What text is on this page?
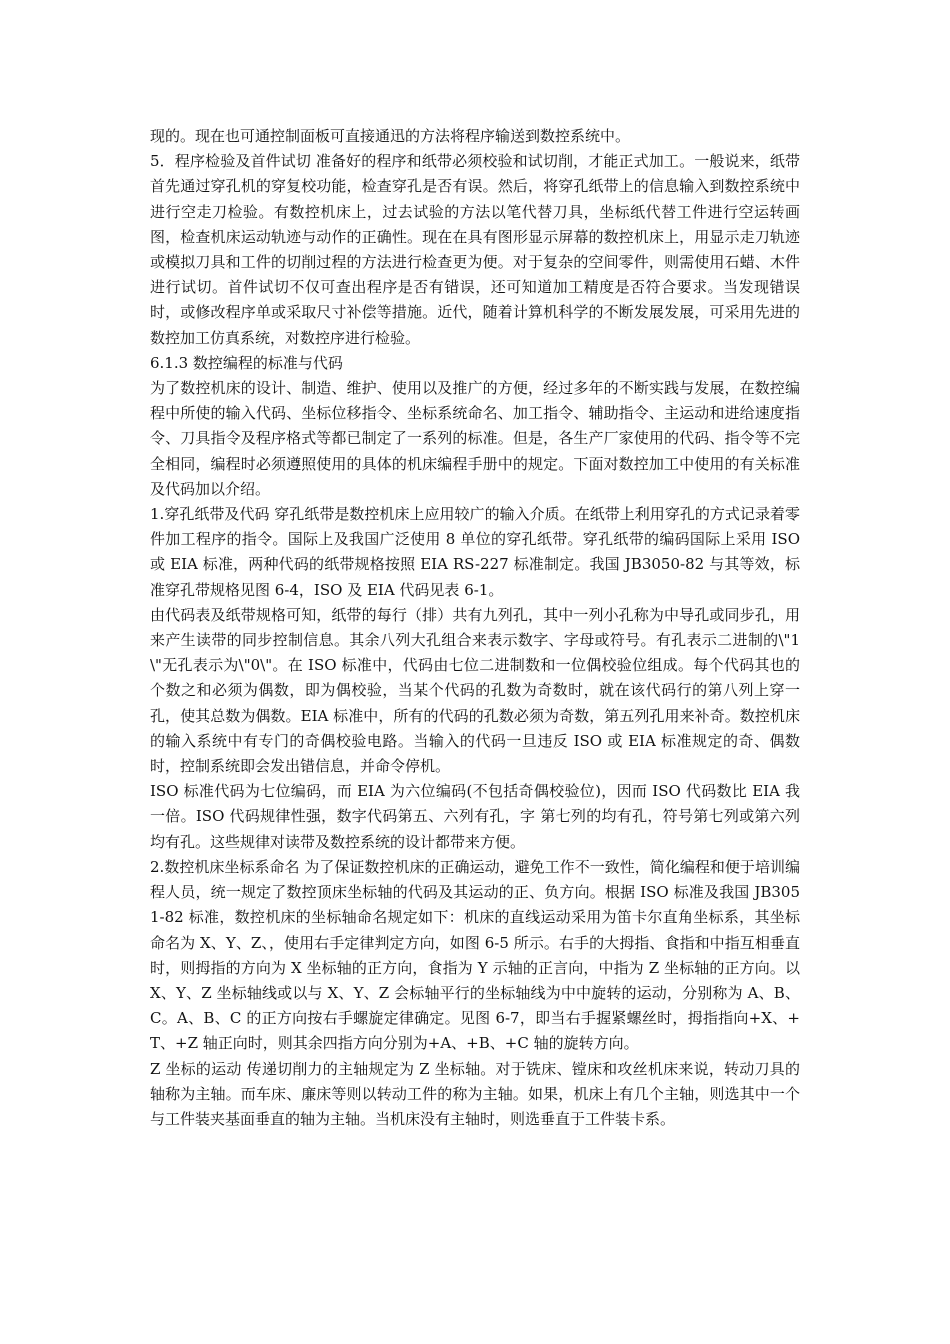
现的。现在也可通控制面板可直接通迅的方法将程序输送到数控系统中。

5．程序检验及首件试切 准备好的程序和纸带必须校验和试切削，才能正式加工。一般说来，纸带首先通过穿孔机的穿复校功能，检查穿孔是否有误。然后，将穿孔纸带上的信息输入到数控系统中进行空走刀检验。有数控机床上，过去试验的方法以笔代替刀具，坐标纸代替工件进行空运转画图，检查机床运动轨迹与动作的正确性。现在在具有图形显示屏幕的数控机床上，用显示走刀轨迹或模拟刀具和工件的切削过程的方法进行检查更为便。对于复杂的空间零件，则需使用石蜡、木件进行试切。首件试切不仅可查出程序是否有错误，还可知道加工精度是否符合要求。当发现错误时，或修改程序单或采取尺寸补偿等措施。近代，随着计算机科学的不断发展发展，可采用先进的数控加工仿真系统，对数控序进行检验。

6.1.3 数控编程的标准与代码

为了数控机床的设计、制造、维护、使用以及推广的方便，经过多年的不断实践与发展，在数控编程中所使的输入代码、坐标位移指令、坐标系统命名、加工指令、辅助指令、主运动和进给速度指令、刀具指令及程序格式等都已制定了一系列的标准。但是，各生产厂家使用的代码、指令等不完全相同，编程时必须遵照使用的具体的机床编程手册中的规定。下面对数控加工中使用的有关标准及代码加以介绍。

1.穿孔纸带及代码 穿孔纸带是数控机床上应用较广的输入介质。在纸带上利用穿孔的方式记录着零件加工程序的指令。国际上及我国广泛使用 8 单位的穿孔纸带。穿孔纸带的编码国际上采用 ISO 或 EIA 标准，两种代码的纸带规格按照 EIA RS-227 标准制定。我国 JB3050-82 与其等效，标准穿孔带规格见图 6-4，ISO 及 EIA 代码见表 6-1。

由代码表及纸带规格可知，纸带的每行（排）共有九列孔，其中一列小孔称为中导孔或同步孔，用来产生读带的同步控制信息。其余八列大孔组合来表示数字、字母或符号。有孔表示二进制的\"1\"无孔表示为\"0\"。在 ISO 标准中，代码由七位二进制数和一位偶校验位组成。每个代码其也的个数之和必须为偶数，即为偶校验，当某个代码的孔数为奇数时，就在该代码行的第八列上穿一孔，使其总数为偶数。EIA 标准中，所有的代码的孔数必须为奇数，第五列孔用来补奇。数控机床的输入系统中有专门的奇偶校验电路。当输入的代码一旦违反 ISO 或 EIA 标准规定的奇、偶数时，控制系统即会发出错信息，并命令停机。

ISO 标准代码为七位编码，而 EIA 为六位编码(不包括奇偶校验位)，因而 ISO 代码数比 EIA 我一倍。ISO 代码规律性强，数字代码第五、六列有孔，字 第七列的均有孔，符号第七列或第六列均有孔。这些规律对读带及数控系统的设计都带来方便。

2.数控机床坐标系命名 为了保证数控机床的正确运动，避免工作不一致性，简化编程和便于培训编程人员，统一规定了数控顶床坐标轴的代码及其运动的正、负方向。根据 ISO 标准及我国 JB3051-82 标准，数控机床的坐标轴命名规定如下：机床的直线运动采用为笛卡尔直角坐标系，其坐标命名为 X、Y、Z、，使用右手定律判定方向，如图 6-5 所示。右手的大拇指、食指和中指互相垂直时，则拇指的方向为 X 坐标轴的正方向，食指为 Y 示轴的正言向，中指为 Z 坐标轴的正方向。以 X、Y、Z 坐标轴线或以与 X、Y、Z 会标轴平行的坐标轴线为中中旋转的运动，分别称为 A、B、C。A、B、C 的正方向按右手螺旋定律确定。见图 6-7，即当右手握紧螺丝时，拇指指向+X、+T、+Z 轴正向时，则其余四指方向分别为+A、+B、+C 轴的旋转方向。

Z 坐标的运动 传递切削力的主轴规定为 Z 坐标轴。对于铣床、镗床和攻丝机床来说，转动刀具的轴称为主轴。而车床、廉床等则以转动工件的称为主轴。如果，机床上有几个主轴，则选其中一个与工件装夹基面垂直的轴为主轴。当机床没有主轴时，则选垂直于工件装卡系。
